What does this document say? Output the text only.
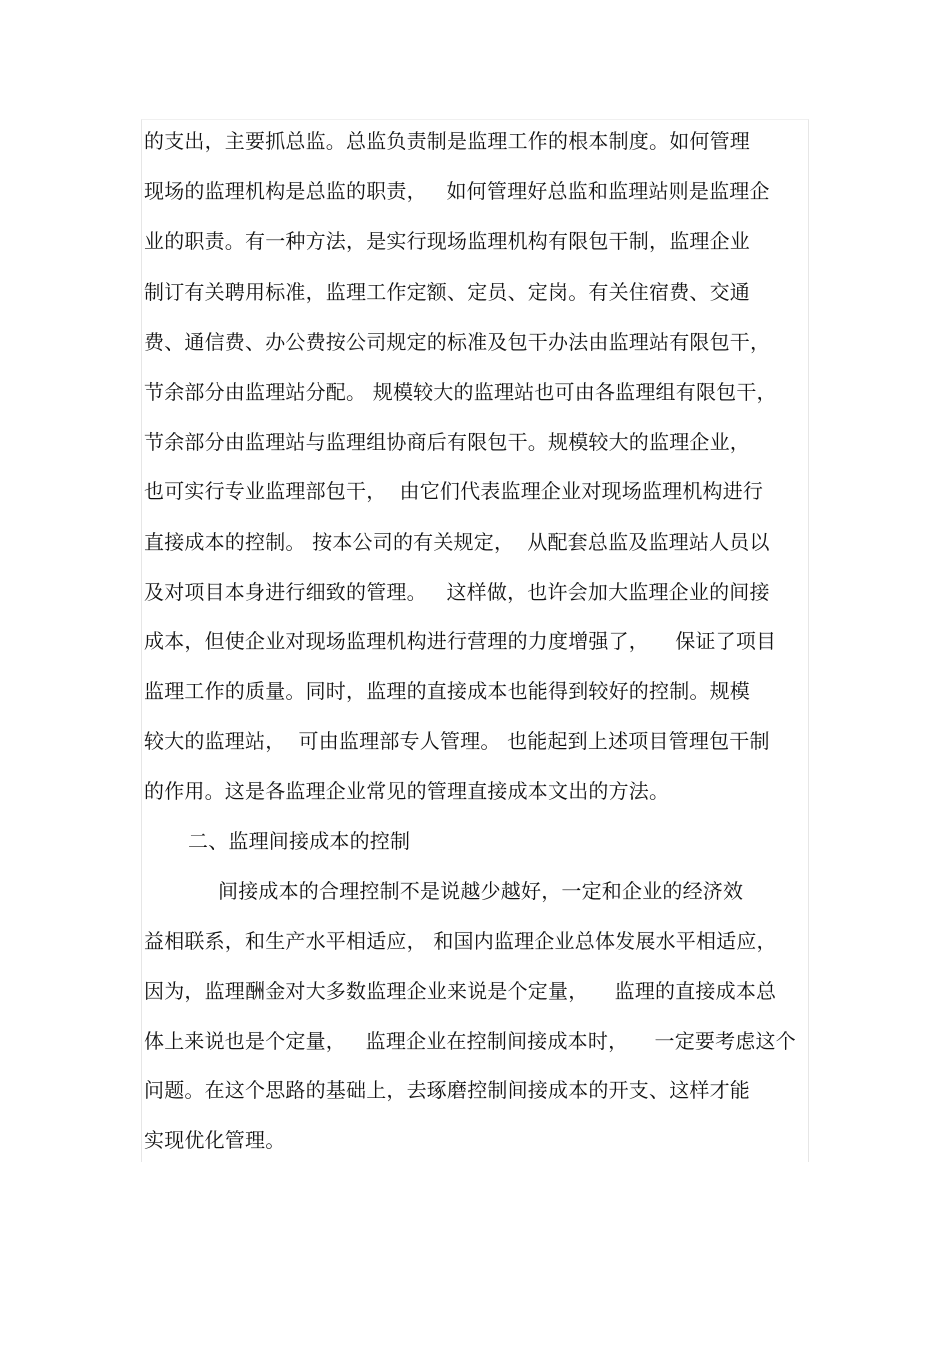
的支出，主要抓总监。总监负责制是监理工作的根本制度。如何管理
现场的监理机构是总监的职责，   如何管理好总监和监理站则是监理企
业的职责。有一种方法，是实行现场监理机构有限包干制，监理企业
制订有关聘用标准，监理工作定额、定员、定岗。有关住宿费、交通
费、通信费、办公费按公司规定的标准及包干办法由监理站有限包干，
节余部分由监理站分配。 规模较大的监理站也可由各监理组有限包干，
节余部分由监理站与监理组协商后有限包干。规模较大的监理企业，
也可实行专业监理部包干，  由它们代表监理企业对现场监理机构进行
直接成本的控制。 按本公司的有关规定，  从配套总监及监理站人员以
及对项目本身进行细致的管理。   这样做，也许会加大监理企业的间接
成本，但使企业对现场监理机构进行营理的力度增强了，    保证了项目
监理工作的质量。同时，监理的直接成本也能得到较好的控制。规模
较大的监理站，  可由监理部专人管理。 也能起到上述项目管理包干制
的作用。这是各监理企业常见的管理直接成本文出的方法。
二、监理间接成本的控制
间接成本的合理控制不是说越少越好，一定和企业的经济效
益相联系，和生产水平相适应， 和国内监理企业总体发展水平相适应，
因为，监理酬金对大多数监理企业来说是个定量，    监理的直接成本总
体上来说也是个定量，   监理企业在控制间接成本时，    一定要考虑这个
问题。在这个思路的基础上，去琢磨控制间接成本的开支、这样才能
实现优化管理。
